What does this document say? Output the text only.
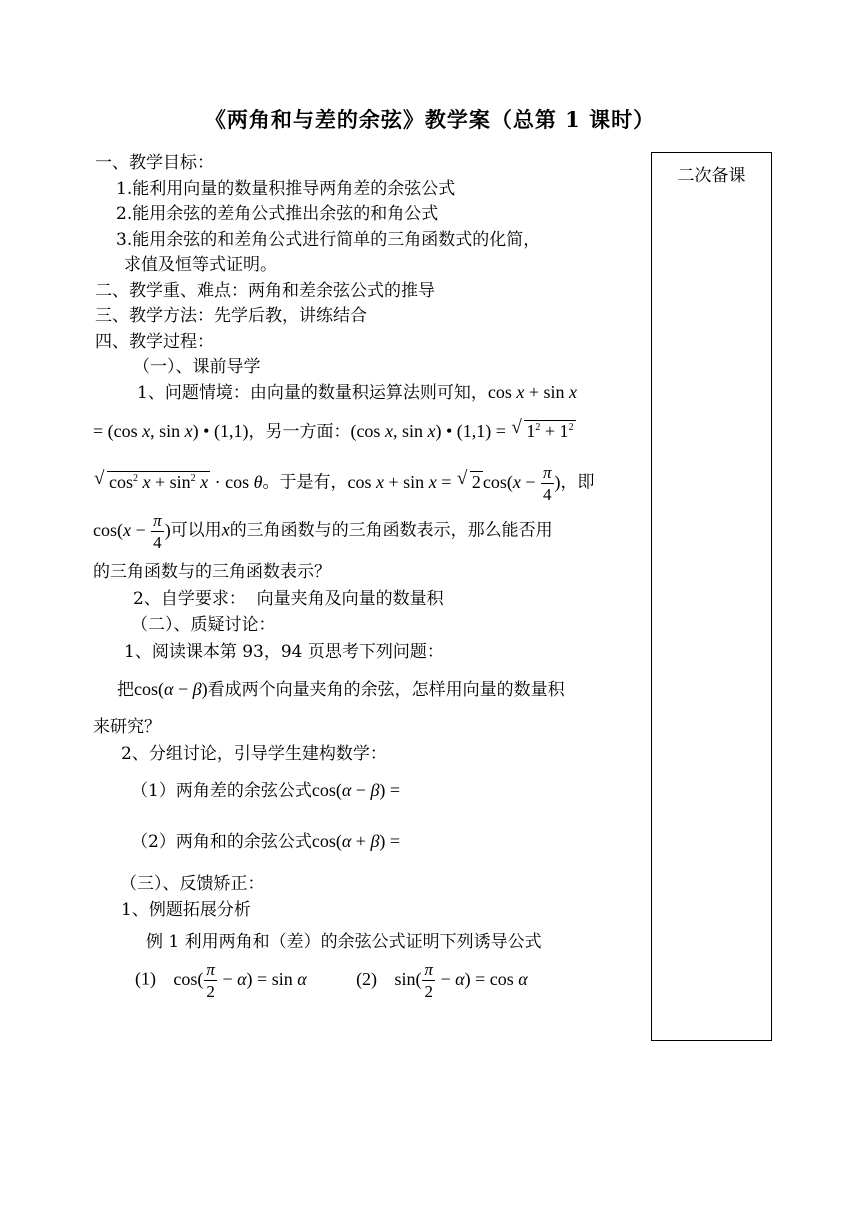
《两角和与差的余弦》教学案（总第 1 课时）
二次备课
一、教学目标：
1.能利用向量的数量积推导两角差的余弦公式
2.能用余弦的差角公式推出余弦的和角公式
3.能用余弦的和差角公式进行简单的三角函数式的化简，
求值及恒等式证明。
二、教学重、难点：两角和差余弦公式的推导
三、教学方法：先学后教，讲练结合
四、教学过程：
（一）、课前导学
1、问题情境：由向量的数量积运算法则可知，cos x + sin x
= (cos x, sin x) • (1,1)，另一方面：(cos x, sin x) • (1,1) = √ $1^2 + 1^2$
√ $\cos^2 x + \sin^2 x \cdot \cos \theta$。于是有，cos x + sin x = √ 2 $\cos(x - \frac{\pi}{4}$ )，即
$\cos(x - \frac{\pi}{4}$ )可以用x的三角函数与的三角函数表示，那么能否用
的三角函数与的三角函数表示？
2、自学要求： 向量夹角及向量的数量积
（二）、质疑讨论：
1、阅读课本第 93，94 页思考下列问题：
把cos(α − β)看成两个向量夹角的余弦，怎样用向量的数量积
来研究？
2、分组讨论，引导学生建构数学：
（1）两角差的余弦公式cos(α − β) =
（2）两角和的余弦公式cos(α + β) =
（三）、反馈矫正：
1、例题拓展分析
例 1 利用两角和（差）的余弦公式证明下列诱导公式
(1) $\cos( \frac{\pi}{2} - \alpha) = \sin \alpha$	(2) $\sin( \frac{\pi}{2} - \alpha) = \cos \alpha$
